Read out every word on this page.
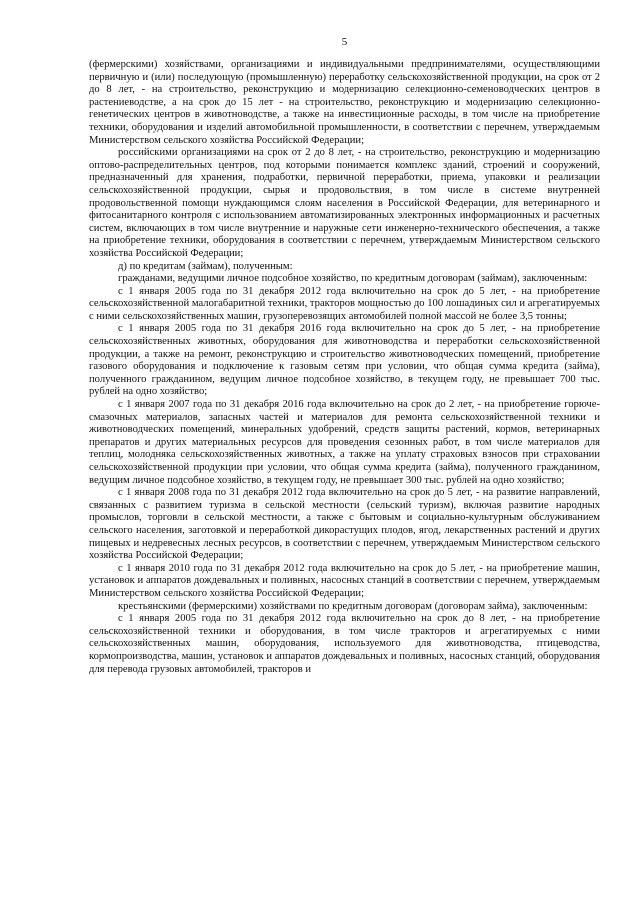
5

(фермерскими) хозяйствами, организациями и индивидуальными предпринимателями, осуществляющими первичную и (или) последующую (промышленную) переработку сельскохозяйственной продукции, на срок от 2 до 8 лет, - на строительство, реконструкцию и модернизацию селекционно-семеноводческих центров в растениеводстве, а на срок до 15 лет - на строительство, реконструкцию и модернизацию селекционно-генетических центров в животноводстве, а также на инвестиционные расходы, в том числе на приобретение техники, оборудования и изделий автомобильной промышленности, в соответствии с перечнем, утверждаемым Министерством сельского хозяйства Российской Федерации;

российскими организациями на срок от 2 до 8 лет, - на строительство, реконструкцию и модернизацию оптово-распределительных центров, под которыми понимается комплекс зданий, строений и сооружений, предназначенный для хранения, подработки, первичной переработки, приема, упаковки и реализации сельскохозяйственной продукции, сырья и продовольствия, в том числе в системе внутренней продовольственной помощи нуждающимся слоям населения в Российской Федерации, для ветеринарного и фитосанитарного контроля с использованием автоматизированных электронных информационных и расчетных систем, включающих в том числе внутренние и наружные сети инженерно-технического обеспечения, а также на приобретение техники, оборудования в соответствии с перечнем, утверждаемым Министерством сельского хозяйства Российской Федерации;

д) по кредитам (займам), полученным:

гражданами, ведущими личное подсобное хозяйство, по кредитным договорам (займам), заключенным:

с 1 января 2005 года по 31 декабря 2012 года включительно на срок до 5 лет, - на приобретение сельскохозяйственной малогабаритной техники, тракторов мощностью до 100 лошадиных сил и агрегатируемых с ними сельскохозяйственных машин, грузоперевозящих автомобилей полной массой не более 3,5 тонны;

с 1 января 2005 года по 31 декабря 2016 года включительно на срок до 5 лет, - на приобретение сельскохозяйственных животных, оборудования для животноводства и переработки сельскохозяйственной продукции, а также на ремонт, реконструкцию и строительство животноводческих помещений, приобретение газового оборудования и подключение к газовым сетям при условии, что общая сумма кредита (займа), полученного гражданином, ведущим личное подсобное хозяйство, в текущем году, не превышает 700 тыс. рублей на одно хозяйство;

с 1 января 2007 года по 31 декабря 2016 года включительно на срок до 2 лет, - на приобретение горюче-смазочных материалов, запасных частей и материалов для ремонта сельскохозяйственной техники и животноводческих помещений, минеральных удобрений, средств защиты растений, кормов, ветеринарных препаратов и других материальных ресурсов для проведения сезонных работ, в том числе материалов для теплиц, молодняка сельскохозяйственных животных, а также на уплату страховых взносов при страховании сельскохозяйственной продукции при условии, что общая сумма кредита (займа), полученного гражданином, ведущим личное подсобное хозяйство, в текущем году, не превышает 300 тыс. рублей на одно хозяйство;

с 1 января 2008 года по 31 декабря 2012 года включительно на срок до 5 лет, - на развитие направлений, связанных с развитием туризма в сельской местности (сельский туризм), включая развитие народных промыслов, торговли в сельской местности, а также с бытовым и социально-культурным обслуживанием сельского населения, заготовкой и переработкой дикорастущих плодов, ягод, лекарственных растений и других пищевых и недревесных лесных ресурсов, в соответствии с перечнем, утверждаемым Министерством сельского хозяйства Российской Федерации;

с 1 января 2010 года по 31 декабря 2012 года включительно на срок до 5 лет, - на приобретение машин, установок и аппаратов дождевальных и поливных, насосных станций в соответствии с перечнем, утверждаемым Министерством сельского хозяйства Российской Федерации;

крестьянскими (фермерскими) хозяйствами по кредитным договорам (договорам займа), заключенным:

с 1 января 2005 года по 31 декабря 2012 года включительно на срок до 8 лет, - на приобретение сельскохозяйственной техники и оборудования, в том числе тракторов и агрегатируемых с ними сельскохозяйственных машин, оборудования, используемого для животноводства, птицеводства, кормопроизводства, машин, установок и аппаратов дождевальных и поливных, насосных станций, оборудования для перевода грузовых автомобилей, тракторов и
